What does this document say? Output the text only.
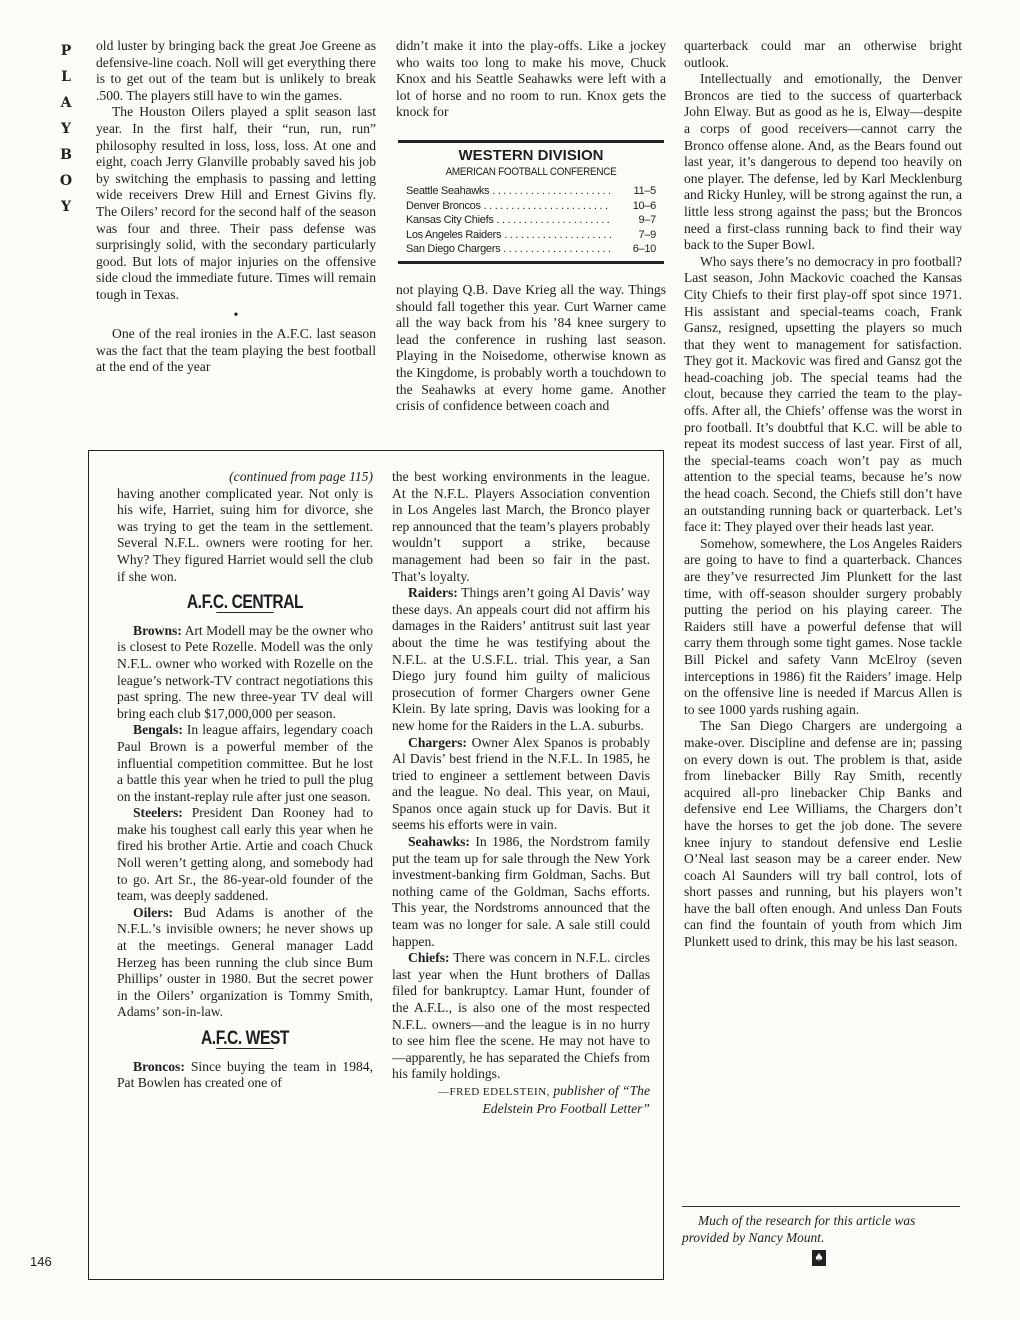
P
L
A
Y
B
O
Y

old luster by bringing back the great Joe Greene as defensive-line coach. Noll will get everything there is to get out of the team but is unlikely to break .500. The players still have to win the games.

The Houston Oilers played a split season last year. In the first half, their “run, run, run” philosophy resulted in loss, loss, loss. At one and eight, coach Jerry Glanville probably saved his job by switching the emphasis to passing and letting wide receivers Drew Hill and Ernest Givins fly. The Oilers’ record for the second half of the season was four and three. Their pass defense was surprisingly solid, with the secondary particularly good. But lots of major injuries on the offensive side cloud the immediate future. Times will remain tough in Texas.

•

One of the real ironies in the A.F.C. last season was the fact that the team playing the best football at the end of the year

didn’t make it into the play-offs. Like a jockey who waits too long to make his move, Chuck Knox and his Seattle Seahawks were left with a lot of horse and no room to run. Knox gets the knock for

WESTERN DIVISION
AMERICAN FOOTBALL CONFERENCE
Seattle Seahawks . . .	11–5
Denver Broncos . . .	10–6
Kansas City Chiefs . . .	9–7
Los Angeles Raiders . . .	7–9
San Diego Chargers . . .	6–10

not playing Q.B. Dave Krieg all the way. Things should fall together this year. Curt Warner came all the way back from his ’84 knee surgery to lead the conference in rushing last season. Playing in the Noisedome, otherwise known as the Kingdome, is probably worth a touchdown to the Seahawks at every home game. Another crisis of confidence between coach and

quarterback could mar an otherwise bright outlook.

Intellectually and emotionally, the Denver Broncos are tied to the success of quarterback John Elway. But as good as he is, Elway—despite a corps of good receivers—cannot carry the Bronco offense alone. And, as the Bears found out last year, it’s dangerous to depend too heavily on one player. The defense, led by Karl Mecklenburg and Ricky Hunley, will be strong against the run, a little less strong against the pass; but the Broncos need a first-class running back to find their way back to the Super Bowl.

Who says there’s no democracy in pro football? Last season, John Mackovic coached the Kansas City Chiefs to their first play-off spot since 1971. His assistant and special-teams coach, Frank Gansz, resigned, upsetting the players so much that they went to management for satisfaction. They got it. Mackovic was fired and Gansz got the head-coaching job. The special teams had the clout, because they carried the team to the play-offs. After all, the Chiefs’ offense was the worst in pro football. It’s doubtful that K.C. will be able to repeat its modest success of last year. First of all, the special-teams coach won’t pay as much attention to the special teams, because he’s now the head coach. Second, the Chiefs still don’t have an outstanding running back or quarterback. Let’s face it: They played over their heads last year.

Somehow, somewhere, the Los Angeles Raiders are going to have to find a quarterback. Chances are they’ve resurrected Jim Plunkett for the last time, with off-season shoulder surgery probably putting the period on his playing career. The Raiders still have a powerful defense that will carry them through some tight games. Nose tackle Bill Pickel and safety Vann McElroy (seven interceptions in 1986) fit the Raiders’ image. Help on the offensive line is needed if Marcus Allen is to see 1000 yards rushing again.

The San Diego Chargers are undergoing a make-over. Discipline and defense are in; passing on every down is out. The problem is that, aside from linebacker Billy Ray Smith, recently acquired all-pro linebacker Chip Banks and defensive end Lee Williams, the Chargers don’t have the horses to get the job done. The severe knee injury to standout defensive end Leslie O’Neal last season may be a career ender. New coach Al Saunders will try ball control, lots of short passes and running, but his players won’t have the ball often enough. And unless Dan Fouts can find the fountain of youth from which Jim Plunkett used to drink, this may be his last season.

Much of the research for this article was provided by Nancy Mount.
♠

(continued from page 115)

having another complicated year. Not only is his wife, Harriet, suing him for divorce, she was trying to get the team in the settlement. Several N.F.L. owners were rooting for her. Why? They figured Harriet would sell the club if she won.

A.F.C. CENTRAL

Browns: Art Modell may be the owner who is closest to Pete Rozelle. Modell was the only N.F.L. owner who worked with Rozelle on the league’s network-TV contract negotiations this past spring. The new three-year TV deal will bring each club $17,000,000 per season.

Bengals: In league affairs, legendary coach Paul Brown is a powerful member of the influential competition committee. But he lost a battle this year when he tried to pull the plug on the instant-replay rule after just one season.

Steelers: President Dan Rooney had to make his toughest call early this year when he fired his brother Artie. Artie and coach Chuck Noll weren’t getting along, and somebody had to go. Art Sr., the 86-year-old founder of the team, was deeply saddened.

Oilers: Bud Adams is another of the N.F.L.’s invisible owners; he never shows up at the meetings. General manager Ladd Herzeg has been running the club since Bum Phillips’ ouster in 1980. But the secret power in the Oilers’ organization is Tommy Smith, Adams’ son-in-law.

A.F.C. WEST

Broncos: Since buying the team in 1984, Pat Bowlen has created one of

the best working environments in the league. At the N.F.L. Players Association convention in Los Angeles last March, the Bronco player rep announced that the team’s players probably wouldn’t support a strike, because management had been so fair in the past. That’s loyalty.

Raiders: Things aren’t going Al Davis’ way these days. An appeals court did not affirm his damages in the Raiders’ antitrust suit last year about the time he was testifying about the N.F.L. at the U.S.F.L. trial. This year, a San Diego jury found him guilty of malicious prosecution of former Chargers owner Gene Klein. By late spring, Davis was looking for a new home for the Raiders in the L.A. suburbs.

Chargers: Owner Alex Spanos is probably Al Davis’ best friend in the N.F.L. In 1985, he tried to engineer a settlement between Davis and the league. No deal. This year, on Maui, Spanos once again stuck up for Davis. But it seems his efforts were in vain.

Seahawks: In 1986, the Nordstrom family put the team up for sale through the New York investment-banking firm Goldman, Sachs. But nothing came of the Goldman, Sachs efforts. This year, the Nordstroms announced that the team was no longer for sale. A sale still could happen.

Chiefs: There was concern in N.F.L. circles last year when the Hunt brothers of Dallas filed for bankruptcy. Lamar Hunt, founder of the A.F.L., is also one of the most respected N.F.L. owners—and the league is in no hurry to see him flee the scene. He may not have to—apparently, he has separated the Chiefs from his family holdings.

—FRED EDELSTEIN, publisher of “The Edelstein Pro Football Letter”

146
